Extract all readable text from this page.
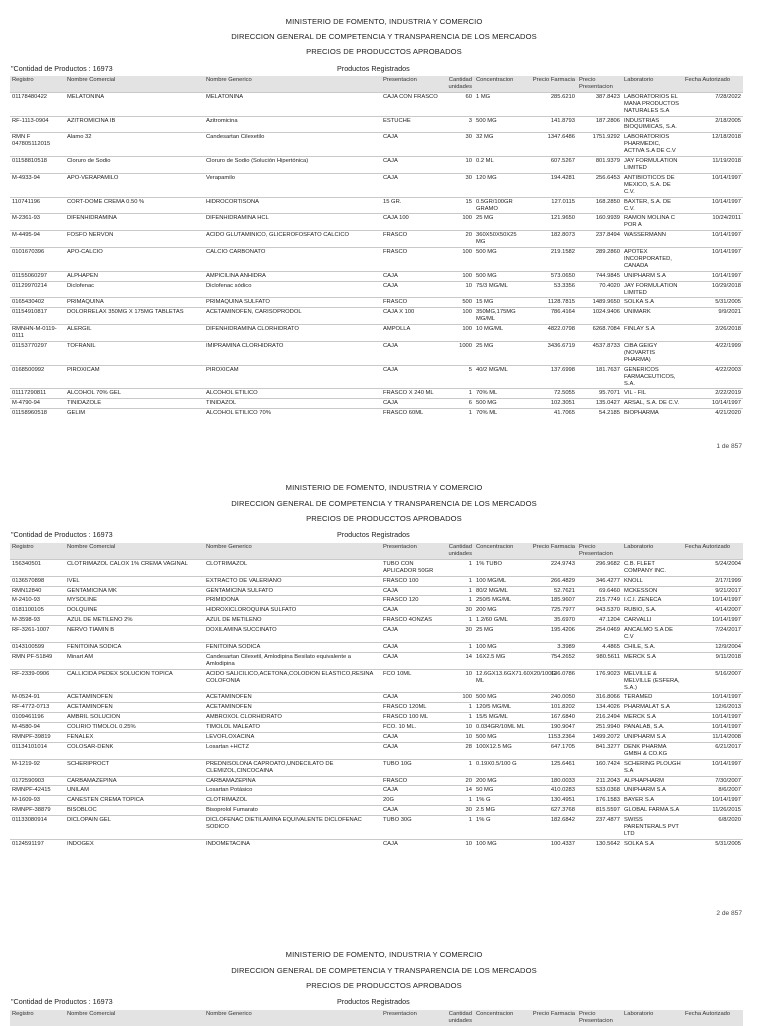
MINISTERIO DE FOMENTO, INDUSTRIA Y COMERCIO
DIRECCION GENERAL DE COMPETENCIA Y TRANSPARENCIA DE LOS MERCADOS
PRECIOS DE PRODUCCTOS APROBADOS
"Contidad de Productos : 16973	Productos Registrados
Registro	Nombre Comercial	Nombre Generico	Presentacion	Cantidad unidades	Concentracion	Precio Farmacia	Precio Presentacion	Laboratorio	Fecha Autorizado
01178480422	MELATONINA	MELATONINA	CAJA CON FRASCO	60	1 MG	285.6210	387.8423	LABORATORIOS EL MANA PRODUCTOS NATURALES S.A	7/28/2022
RF-1113-0904	AZITROMICINA IB	Azitromicina	ESTUCHE	3	500 MG	141.8793	187.2806	INDUSTRIAS BIOQUIMICAS, S.A.	2/18/2005
RMN F 047805112015	Alamo 32	Candesartan Cilexetilo	CAJA	30	32 MG	1347.6486	1751.9292	LABORATORIOS PHARMEDIC, ACTIVA S.A DE C.V	12/18/2018
01158810518	Cloruro de Sodio	Cloruro de Sodio (Solución Hipertónica)	CAJA	10	0.2 ML	607.5267	801.9379	JAY FORMULATION LIMITED	11/19/2018
M-4933-94	APO-VERAPAMILO	Verapamilo	CAJA	30	120 MG	194.4281	256.6453	ANTIBIOTICOS DE MEXICO, S.A. DE C.V.	10/14/1997
110741196	CORT-DOME CREMA 0.50 %	HIDROCORTISONA	15 GR.	15	0.5GR/100GR GRAMO	127.0115	168.2850	BAXTER, S.A. DE C.V.	10/14/1997
M-2361-93	DIFENHIDRAMINA	DIFENHIDRAMINA HCL	CAJA 100	100	25 MG	121.9650	160.9939	RAMON MOLINA C POR A	10/24/2011
M-4495-94	FOSFO NERVON	ACIDO GLUTAMINICO, GLICEROFOSFATO CALCICO	FRASCO	20	360X50X50X25 MG	182.8073	237.8494	WASSERMANN	10/14/1997
0101670396	APO-CALCIO	CALCIO CARBONATO	FRASCO	100	500 MG	219.1582	289.2860	APOTEX INCORPORATED, CANADA	10/14/1997
01155060297	ALPHAPEN	AMPICILINA ANHIDRA	CAJA	100	500 MG	573.0650	744.9845	UNIPHARM S.A	10/14/1997
01129970214	Diclofenac	Diclofenac sódico	CAJA	10	75/3 MG/ML	53.3356	70.4020	JAY FORMULATION LIMITED	10/29/2018
0165430402	PRIMAQUINA	PRIMAQUINA SULFATO	FRASCO	500	15 MG	1128.7815	1489.9650	SOLKA S.A	5/31/2005
01154910817	DOLORRELAX 350MG X 175MG TABLETAS	ACETAMINOFEN, CARISOPRODOL	CAJA X 100	100	350MG,175MG MG/ML	786.4164	1024.9406	UNIMARK	9/9/2021
RMNHN-M-0119-0111	ALERGIL	DIFENHIDRAMINA CLORHIDRATO	AMPOLLA	100	10 MG/ML	4822.0798	6268.7084	FINLAY S.A	2/26/2018
01153770297	TOFRANIL	IMIPRAMINA CLORHIDRATO	CAJA	1000	25 MG	3436.6719	4537.8733	CIBA GEIGY (NOVARTIS PHARMA)	4/22/1999
0168500992	PIROXICAM	PIROXICAM	CAJA	5	40/2 MG/ML	137.6998	181.7637	GENERICOS FARMACEUTICOS, S.A.	4/22/2003
01117290811	ALCOHOL 70% GEL	ALCOHOL ETILICO	FRASCO X 240 ML	1	70% ML	72.5055	95.7071	VIL - FIL	2/22/2019
M-4790-94	TINIDAZOLE	TINIDAZOL	CAJA	6	500 MG	102.3051	135.0427	ARSAL, S.A. DE C.V.	10/14/1997
01158960518	GELIM	ALCOHOL ETILICO 70%	FRASCO 60ML	1	70% ML	41.7065	54.2185	BIOPHARMA	4/21/2020
1 de 857
MINISTERIO DE FOMENTO, INDUSTRIA Y COMERCIO
DIRECCION GENERAL DE COMPETENCIA Y TRANSPARENCIA DE LOS MERCADOS
PRECIOS DE PRODUCCTOS APROBADOS
"Contidad de Productos : 16973	Productos Registrados
Registro	Nombre Comercial	Nombre Generico	Presentacion	Cantidad unidades	Concentracion	Precio Farmacia	Precio Presentacion	Laboratorio	Fecha Autorizado
156340501	CLOTRIMAZOL CALOX 1% CREMA VAGINAL	CLOTRIMAZOL	TUBO CON APLICADOR 50GR	1	1% TUBO	224.9743	296.9682	C.B. FLEET COMPANY INC.	5/24/2004
0136570898	IVEL	EXTRACTO DE VALERIANO	FRASCO 100	1	100 MG/ML	266.4829	346.4277	KNOLL	2/17/1999
RMN12840	GENTAMICINA MK	GENTAMICINA SULFATO	CAJA	1	80/2 MG/ML	52.7621	69.6460	MCKESSON	9/21/2017
M-2410-93	MYSOLINE	PRIMIDONA	FRASCO 120	1	250/5 MG/ML	185.9607	215.7749	I.C.I. ZENECA	10/14/1997
0181100105	DOLQUINE	HIDROXICLOROQUINA SULFATO	CAJA	30	200 MG	725.7977	943.5370	RUBIO, S.A.	4/14/2007
M-3598-93	AZUL DE METILENO 2%	AZUL DE METILENO	FRASCO 4ONZAS	1	1.2/60 G/ML	35.6970	47.1204	CARVALLI	10/14/1997
RF-3261-1007	NERVO TIAMIN B	DOXILAMINA SUCCINATO	CAJA	30	25 MG	195.4206	254.0469	ANCALMO S.A DE C.V	7/24/2017
0143100599	FENITOINA SODICA	FENITOINA SODICA	CAJA	1	100 MG	3.3989	4.4865	CHILE, S.A.	12/9/2004
RMN PF-51849	Minart AM	Candesartan Cilexetil, Amlodipina Besilato equivalente a Amlodipina	CAJA	14	16X2.5 MG	754.2652	980.5611	MERCK S.A	9/11/2018
RF-2339-0906	CALLICIDA PEDEX SOLUCION TOPICA	ACIDO SALICILICO,ACETONA,COLODION ELASTICO,RESINA COLOFONIA	FCO 10ML	10	12.6GX13.6GX71.60X20/100G ML	136.0786	176.9023	MELVILLE & MELVILLE (ESFERA, S.A.)	5/16/2007
M-0524-91	ACETAMINOFEN	ACETAMINOFEN	CAJA	100	500 MG	240.0050	316.8066	TERAMED	10/14/1997
RF-4772-0713	ACETAMINOFEN	ACETAMINOFEN	FRASCO 120ML	1	120/5 MG/ML	101.8202	134.4026	PHARMALAT S.A	12/6/2013
0109461196	AMBRIL SOLUCION	AMBROXOL CLORHIDRATO	FRASCO 100 ML	1	15/5 MG/ML	167.6840	216.2494	MERCK S.A	10/14/1997
M-4580-94	COLIRIO TIMOLOL 0.25%	TIMOLOL MALEATO	FCO. 10 ML.	10	0.034GR/10ML ML	190.9047	251.9940	PANALAB, S.A.	10/14/1997
RMNPF-39819	FENALEX	LEVOFLOXACINA	CAJA	10	500 MG	1153.2364	1499.2072	UNIPHARM S.A	11/14/2008
01134101014	COLOSAR-DENK	Losartan +HCTZ	CAJA	28	100X12.5 MG	647.1705	841.3277	DENK PHARMA GMBH & CO.KG	6/21/2017
M-1219-92	SCHERIPROCT	PREDNISOLONA CAPROATO,UNDECILATO DE CLEMIZOL,CINCOCAINA	TUBO 10G	1	0.19X0.5/100 G	125.6461	160.7424	SCHERING PLOUGH S.A	10/14/1997
0172590903	CARBAMAZEPINA	CARBAMAZEPINA	FRASCO	20	200 MG	180.0033	211.2043	ALPHAPHARM	7/30/2007
RMNPF-42415	UNILAM	Losartan Potásico	CAJA	14	50 MG	410.0283	533.0368	UNIPHARM S.A	8/6/2007
M-1609-93	CANESTEN CREMA TOPICA	CLOTRIMAZOL	20G	1	1% G	130.4951	176.1583	BAYER S.A	10/14/1997
RMNPF-38879	BISOBLOC	Bisoprolol Fumarato	CAJA	30	2.5 MG	627.3768	815.5597	GLOBAL FARMA S.A	11/26/2015
01133080914	DICLOPAIN GEL	DICLOFENAC DIETILAMINA EQUIVALENTE DICLOFENAC SODICO	TUBO 30G	1	1% G	182.6842	237.4877	SWISS PARENTERALS PVT LTD	6/8/2020
0124591197	INDOGEX	INDOMETACINA	CAJA	10	100 MG	100.4337	130.5642	SOLKA S.A	5/31/2005
2 de 857
MINISTERIO DE FOMENTO, INDUSTRIA Y COMERCIO
DIRECCION GENERAL DE COMPETENCIA Y TRANSPARENCIA DE LOS MERCADOS
PRECIOS DE PRODUCCTOS APROBADOS
"Contidad de Productos : 16973	Productos Registrados
Registro	Nombre Comercial	Nombre Generico	Presentacion	Cantidad unidades	Concentracion	Precio Farmacia	Precio Presentacion	Laboratorio	Fecha Autorizado
